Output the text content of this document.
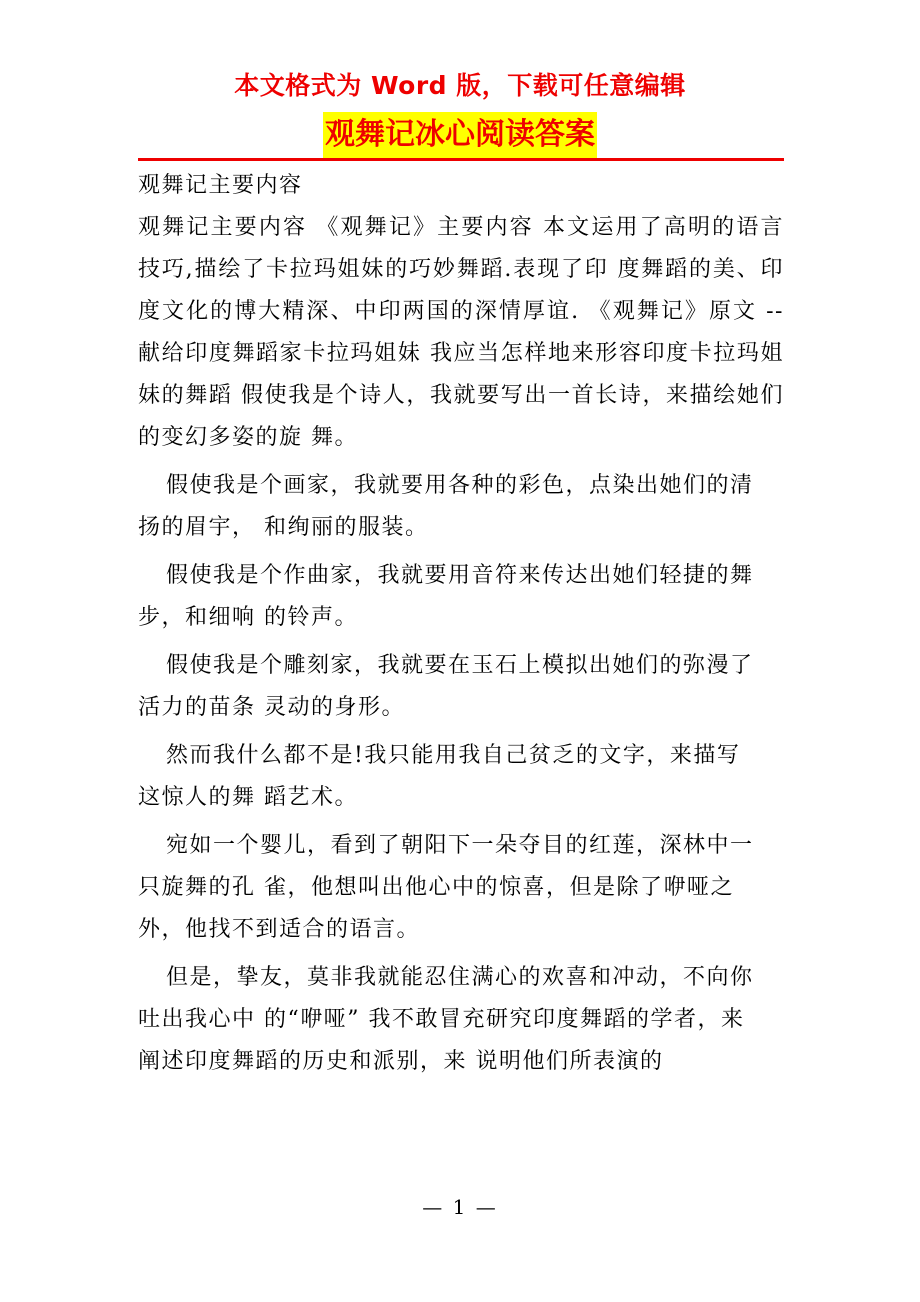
本文格式为 Word 版，下载可任意编辑
观舞记冰心阅读答案

观舞记主要内容

观舞记主要内容 《观舞记》主要内容 本文运用了高明的语言技巧,描绘了卡拉玛姐妹的巧妙舞蹈.表现了印 度舞蹈的美、印度文化的博大精深、中印两国的深情厚谊. 《观舞记》原文 --献给印度舞蹈家卡拉玛姐妹 我应当怎样地来形容印度卡拉玛姐妹的舞蹈 假使我是个诗人，我就要写出一首长诗，来描绘她们的变幻多姿的旋 舞。

假使我是个画家，我就要用各种的彩色，点染出她们的清扬的眉宇， 和绚丽的服装。

假使我是个作曲家，我就要用音符来传达出她们轻捷的舞步，和细响 的铃声。

假使我是个雕刻家，我就要在玉石上模拟出她们的弥漫了活力的苗条 灵动的身形。

然而我什么都不是!我只能用我自己贫乏的文字，来描写这惊人的舞 蹈艺术。

宛如一个婴儿，看到了朝阳下一朵夺目的红莲，深林中一只旋舞的孔 雀，他想叫出他心中的惊喜，但是除了咿哑之外，他找不到适合的语言。

但是，挚友，莫非我就能忍住满心的欢喜和冲动，不向你吐出我心中 的“咿哑” 我不敢冒充研究印度舞蹈的学者，来阐述印度舞蹈的历史和派别，来 说明他们所表演的

— 1 —
